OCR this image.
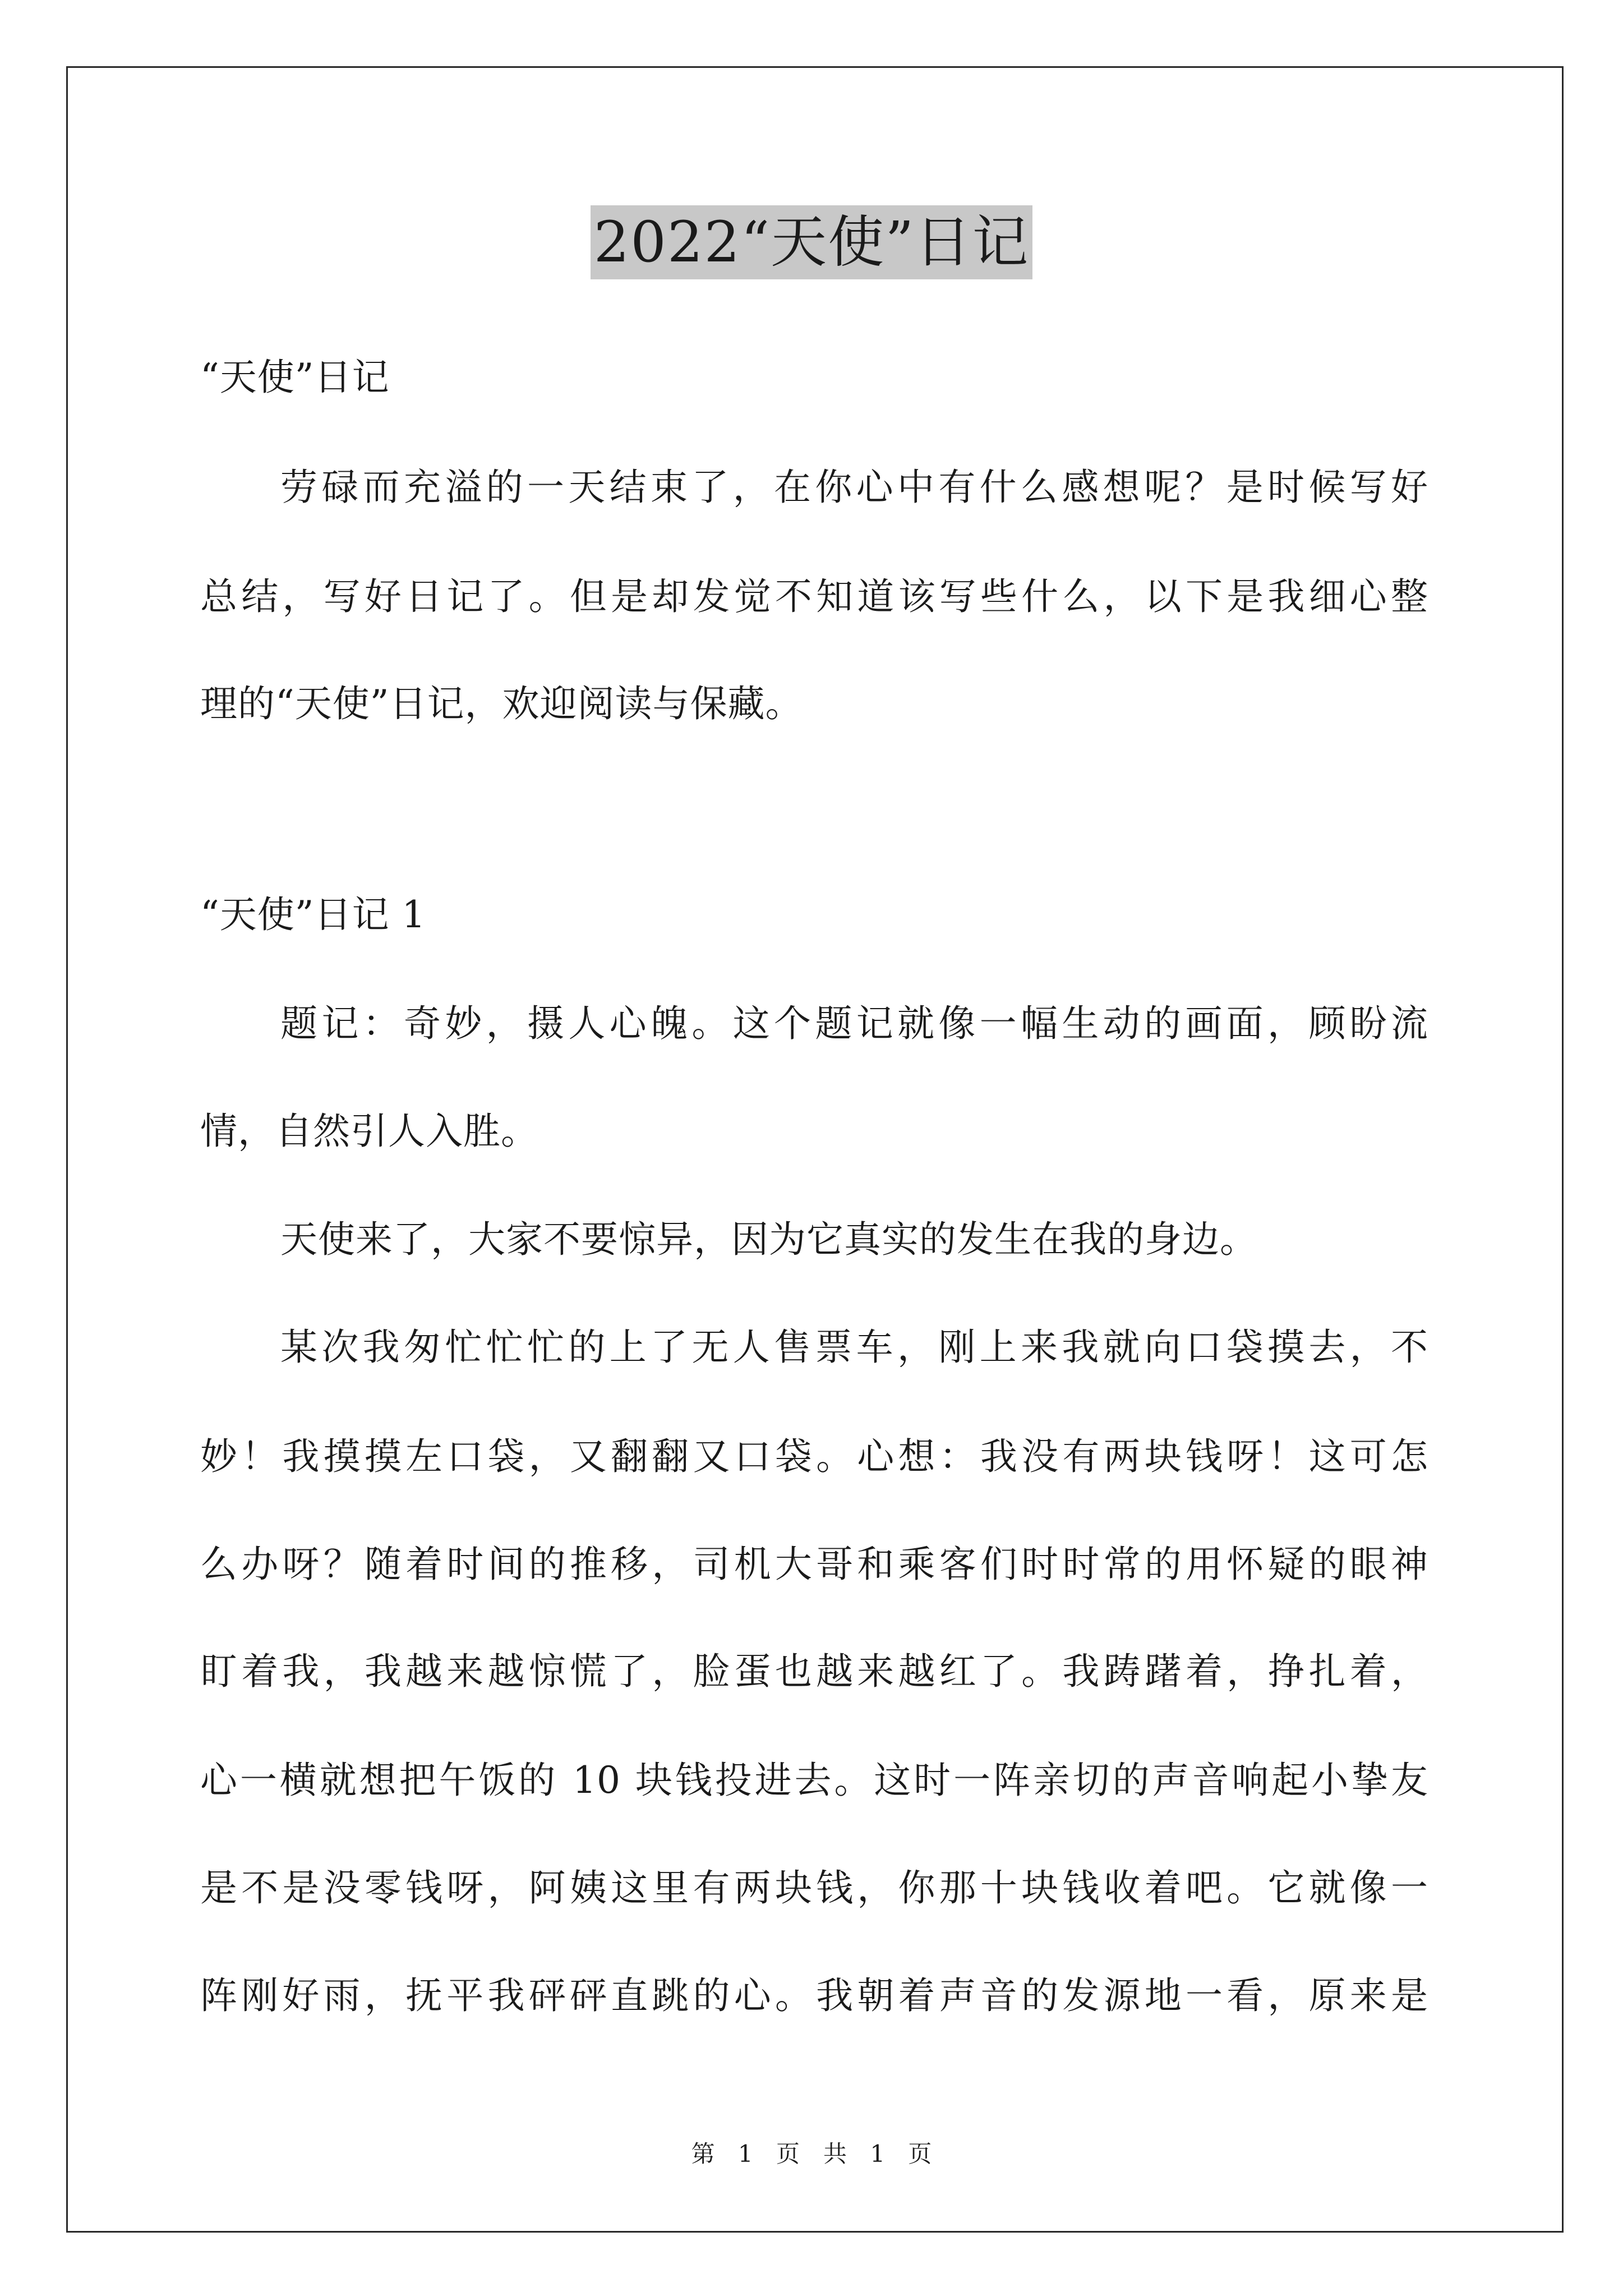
2022“天使”日记
“天使”日记
劳碌而充溢的一天结束了，在你心中有什么感想呢？是时候写好
总结，写好日记了。但是却发觉不知道该写些什么，以下是我细心整
理的“天使”日记，欢迎阅读与保藏。
“天使”日记 1
题记：奇妙，摄人心魄。这个题记就像一幅生动的画面，顾盼流
情，自然引人入胜。
天使来了，大家不要惊异，因为它真实的发生在我的身边。
某次我匆忙忙忙的上了无人售票车，刚上来我就向口袋摸去，不
妙！我摸摸左口袋，又翻翻又口袋。心想：我没有两块钱呀！这可怎
么办呀？随着时间的推移，司机大哥和乘客们时时常的用怀疑的眼神
盯着我，我越来越惊慌了，脸蛋也越来越红了。我踌躇着，挣扎着，
心一横就想把午饭的 10 块钱投进去。这时一阵亲切的声音响起小挚友
是不是没零钱呀，阿姨这里有两块钱，你那十块钱收着吧。它就像一
阵刚好雨，抚平我砰砰直跳的心。我朝着声音的发源地一看，原来是
第 1 页　共 1 页
